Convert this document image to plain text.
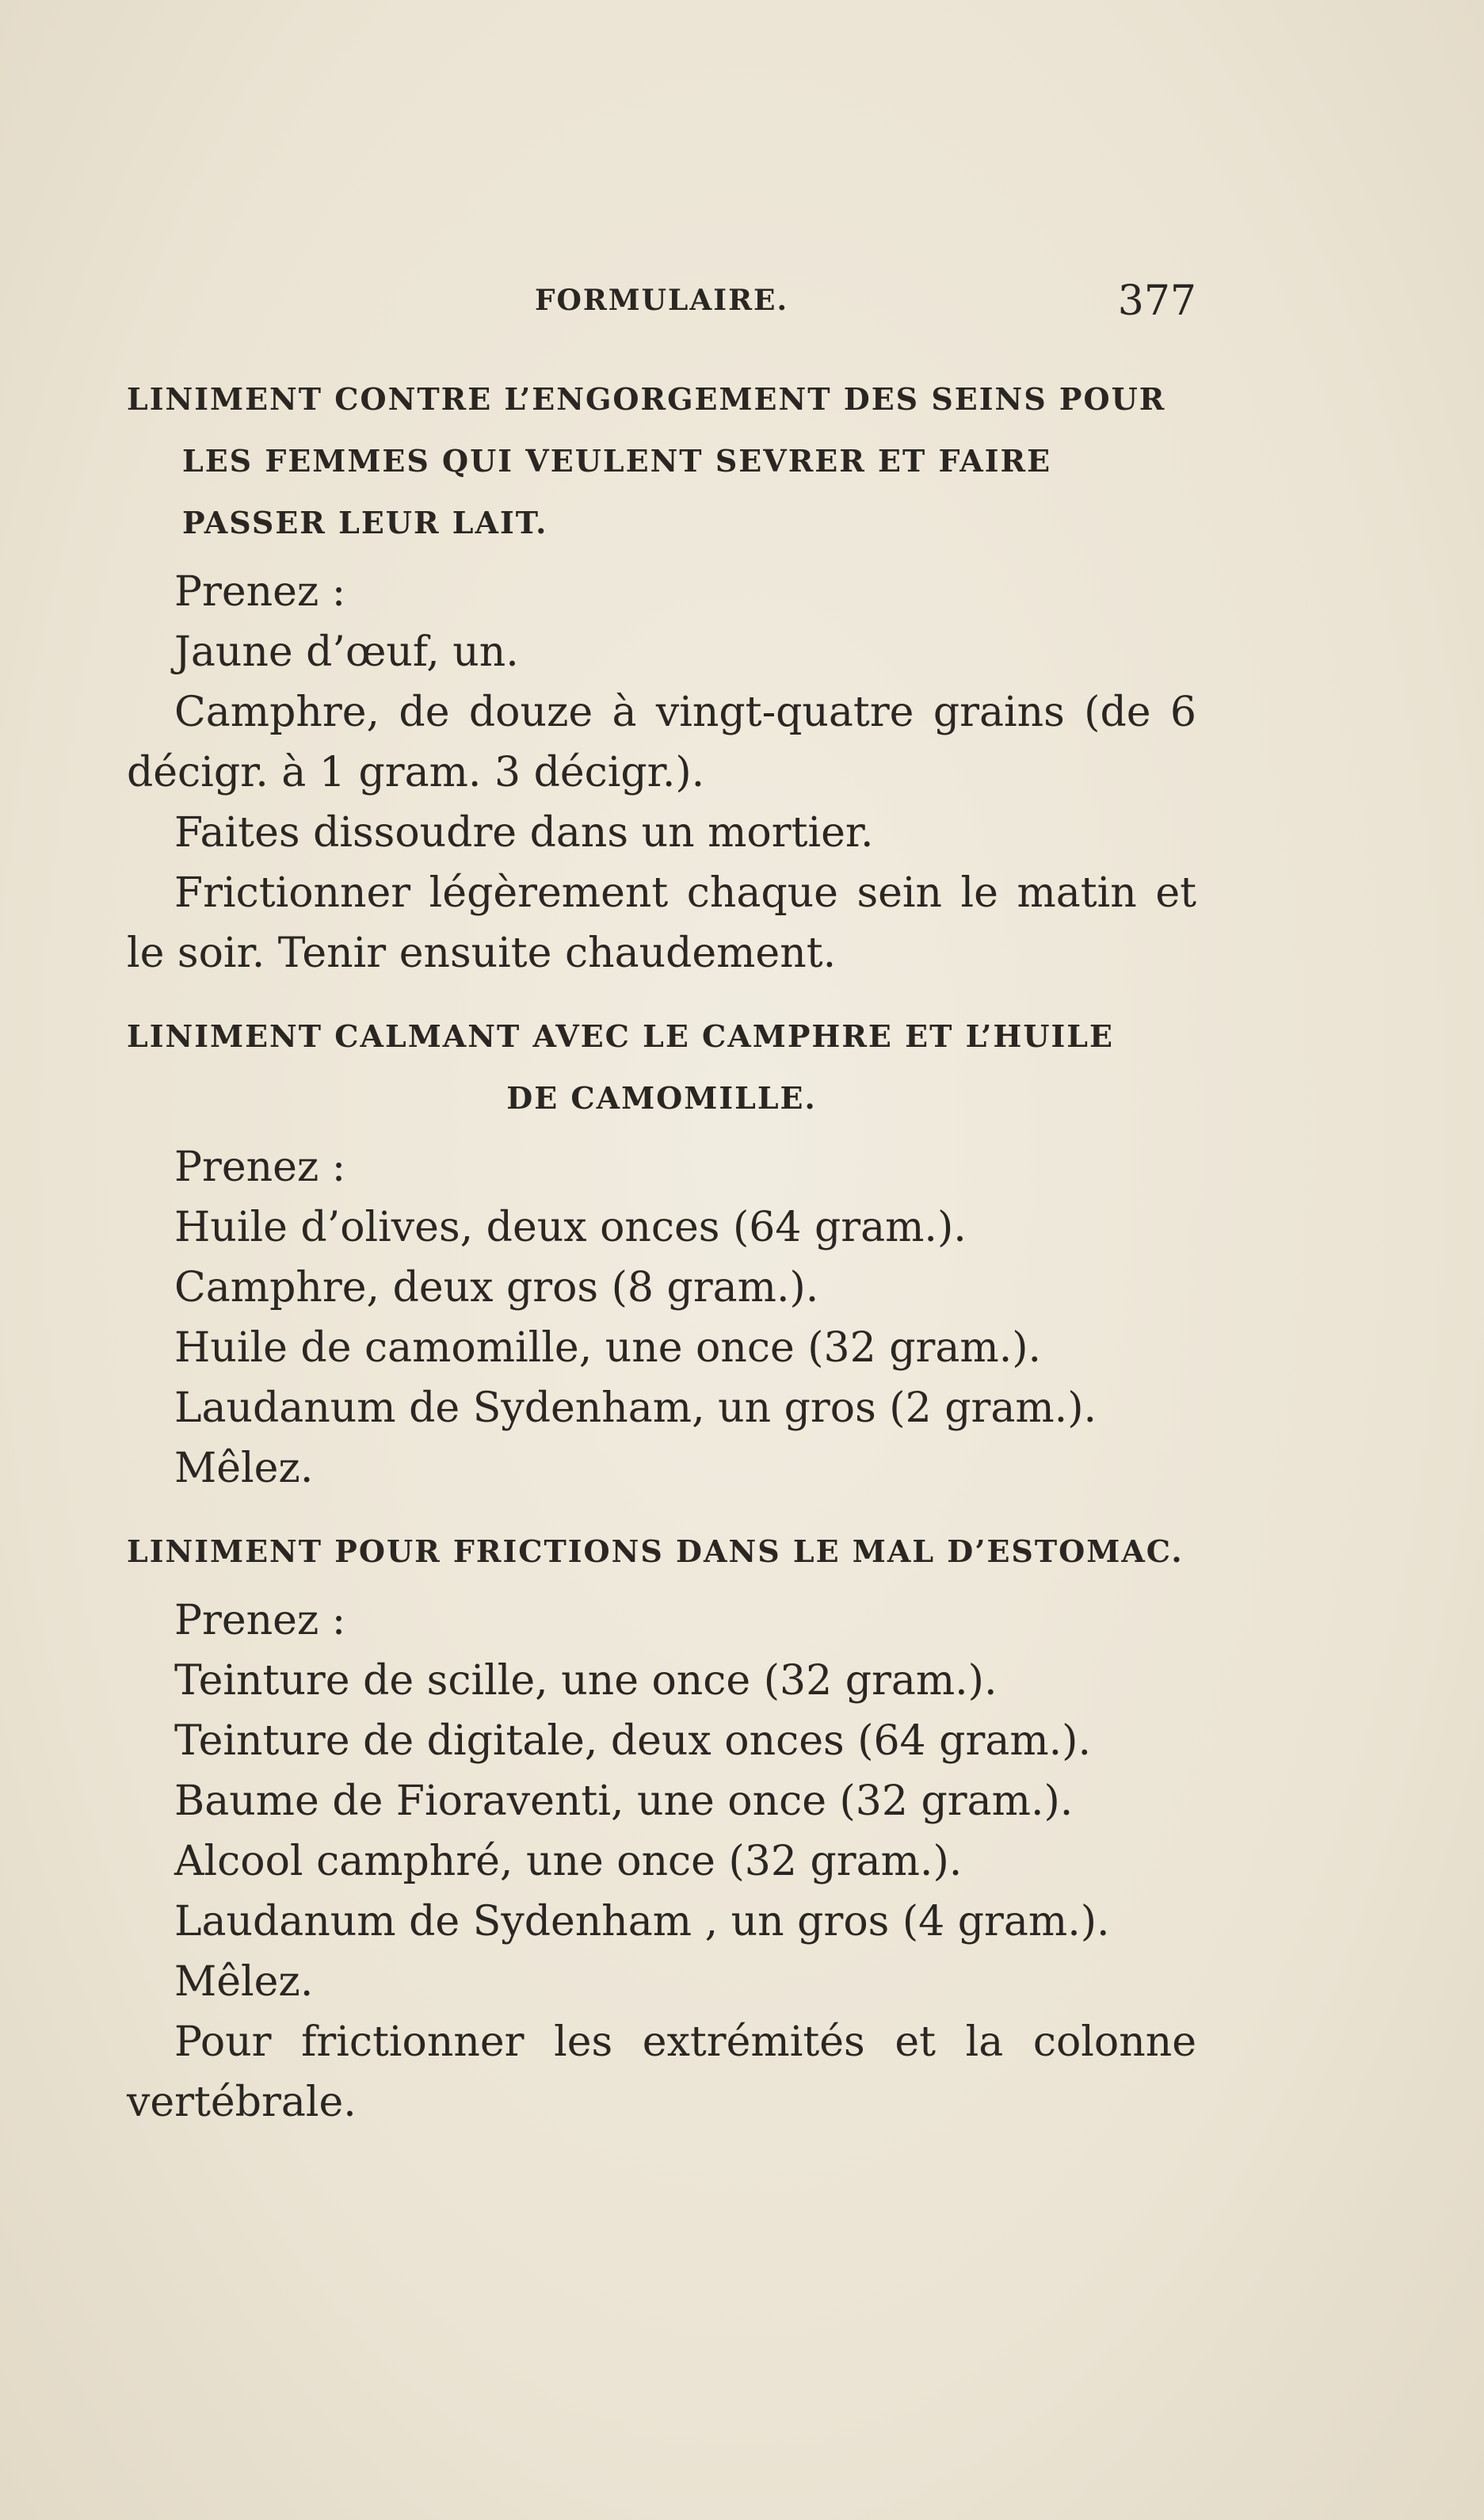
FORMULAIRE.	377

LINIMENT CONTRE L’ENGORGEMENT DES SEINS POUR LES FEMMES QUI VEULENT SEVRER ET FAIRE PASSER LEUR LAIT.

Prenez :

Jaune d’œuf, un.

Camphre, de douze à vingt-quatre grains (de 6 décigr. à 1 gram. 3 décigr.).

Faites dissoudre dans un mortier.

Frictionner légèrement chaque sein le matin et le soir. Tenir ensuite chaudement.

LINIMENT CALMANT AVEC LE CAMPHRE ET L’HUILE
DE CAMOMILLE.

Prenez :

Huile d’olives, deux onces (64 gram.).

Camphre, deux gros (8 gram.).

Huile de camomille, une once (32 gram.).

Laudanum de Sydenham, un gros (2 gram.).

Mêlez.

LINIMENT POUR FRICTIONS DANS LE MAL D’ESTOMAC.

Prenez :

Teinture de scille, une once (32 gram.).

Teinture de digitale, deux onces (64 gram.).

Baume de Fioraventi, une once (32 gram.).

Alcool camphré, une once (32 gram.).

Laudanum de Sydenham , un gros (4 gram.).

Mêlez.

Pour frictionner les extrémités et la colonne vertébrale.
